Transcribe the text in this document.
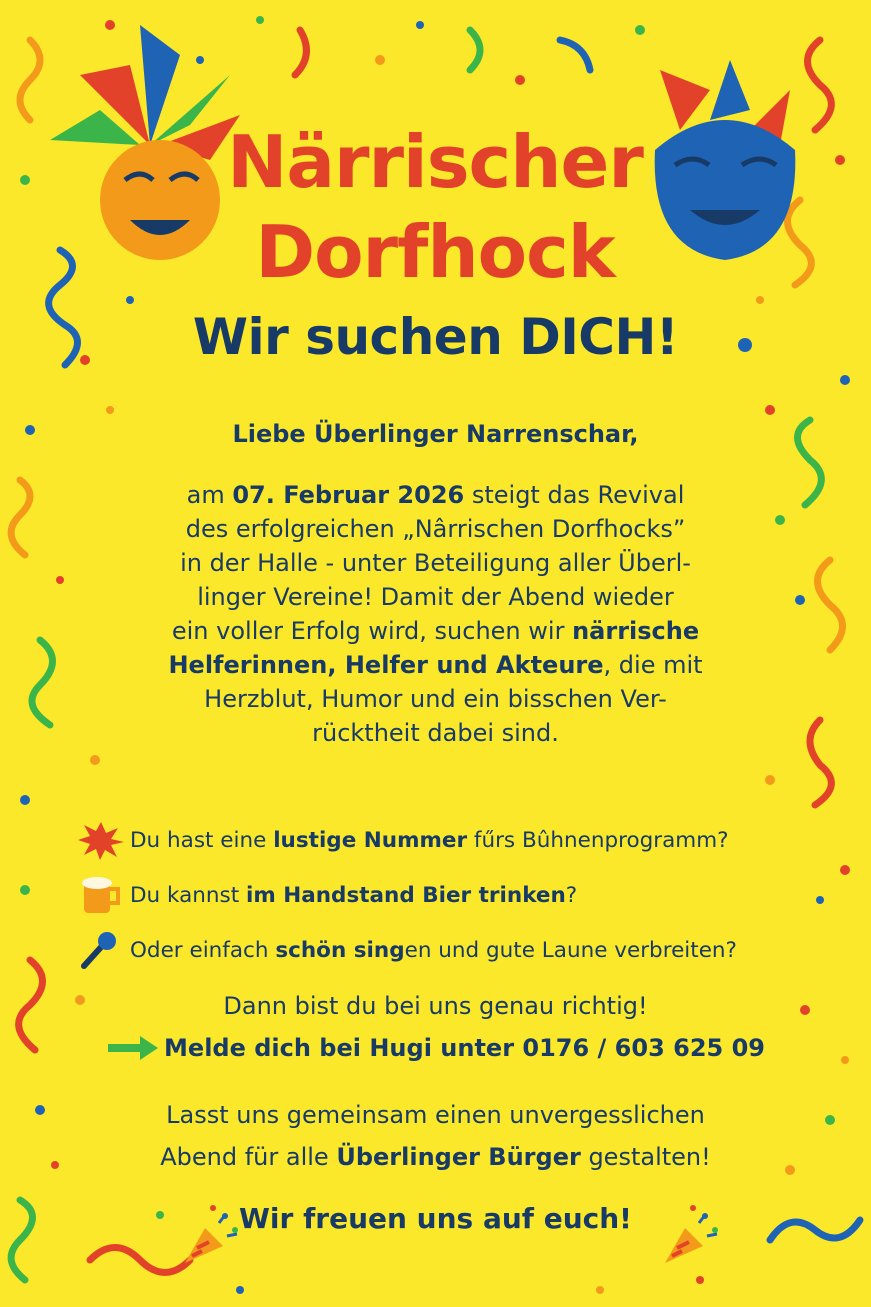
Närrischer
Dorfhock
Wir suchen DICH!
Liebe Überlinger Narrenschar,
am 07. Februar 2026 steigt das Revival
des erfolgreichen „Nârrischen Dorfhocks”
in der Halle - unter Beteiligung aller Überl-
linger Vereine! Damit der Abend wieder
ein voller Erfolg wird, suchen wir närrische
Helferinnen, Helfer und Akteure, die mit
Herzblut, Humor und ein bisschen Ver-
rücktheit dabei sind.
Du hast eine lustige Nummer fűrs Bûhnenprogramm?
Du kannst im Handstand Bier trinken?
Oder einfach schön singen und gute Laune verbreiten?
Dann bist du bei uns genau richtig!
Melde dich bei Hugi unter 0176 / 603 625 09
Lasst uns gemeinsam einen unvergesslichen
Abend für alle Überlinger Bürger gestalten!
Wir freuen uns auf euch!
